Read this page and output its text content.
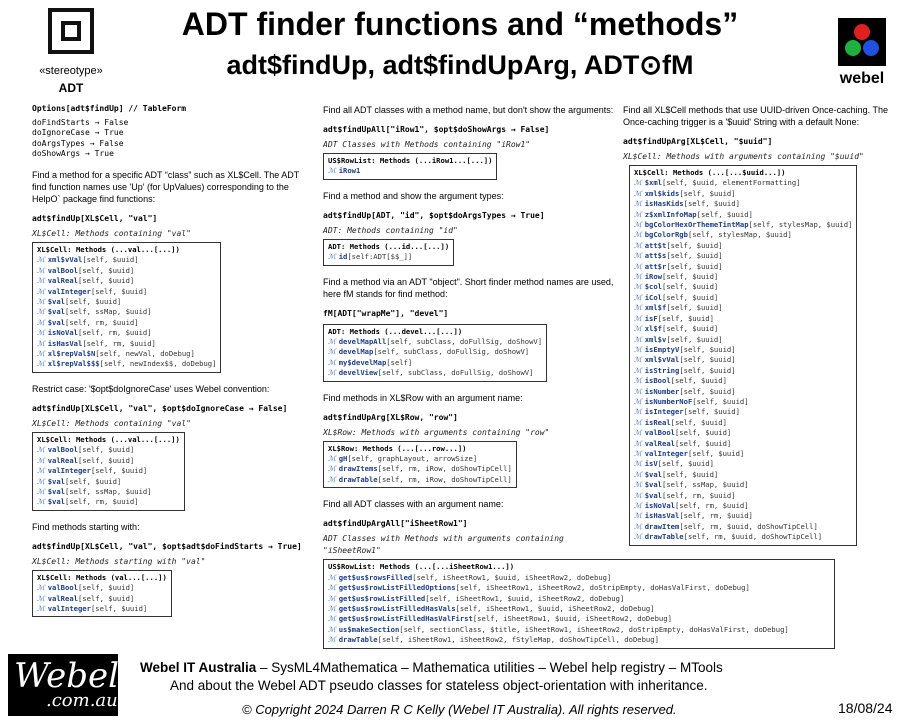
«stereotype»
ADT
ADT finder functions and “methods”
adt$findUp, adt$findUpArg, ADT⊙fM	webel
Options[adt$findUp] // TableForm
doFindStarts → False
doIgnoreCase → True
doArgsTypes → False
doShowArgs → True

Find a method for a specific ADT “class” such as XL$Cell. The ADT find function names use 'Up' (for UpValues) corresponding to the HelpO` package find functions:

adt$findUp[XL$Cell, "val"]
XL$Cell: Methods containing "val"
XL$Cell: Methods (...val...[...])
ℳ xml$vVal[self, $uuid]
ℳ valBool[self, $uuid]
ℳ valReal[self, $uuid]
ℳ valInteger[self, $uuid]
ℳ $val[self, $uuid]
ℳ $val[self, ssMap, $uuid]
ℳ $val[self, rm, $uuid]
ℳ isNoVal[self, rm, $uuid]
ℳ isHasVal[self, rm, $uuid]
ℳ xl$repVal$N[self, newVal, doDebug]
ℳ xl$repVal$$$[self, newIndex$$, doDebug]

Restrict case: '$opt$doIgnoreCase' uses Webel convention:

adt$findUp[XL$Cell, "val", $opt$doIgnoreCase → False]
XL$Cell: Methods containing "val"
XL$Cell: Methods (...val...[...])
ℳ valBool[self, $uuid]
ℳ valReal[self, $uuid]
ℳ valInteger[self, $uuid]
ℳ $val[self, $uuid]
ℳ $val[self, ssMap, $uuid]
ℳ $val[self, rm, $uuid]

Find methods starting with:

adt$findUp[XL$Cell, "val", $opt$adt$doFindStarts → True]
XL$Cell: Methods starting with "val"
XL$Cell: Methods (val...[...])
ℳ valBool[self, $uuid]
ℳ valReal[self, $uuid]
ℳ valInteger[self, $uuid]

Find all ADT classes with a method name, but don't show the arguments:

adt$findUpAll["iRow1", $opt$doShowArgs → False]
ADT Classes with Methods containing "iRow1"
US$RowList: Methods (...iRow1...[...])
ℳ iRow1

Find a method and show the argument types:

adt$findUp[ADT, "id", $opt$doArgsTypes → True]
ADT: Methods containing "id"
ADT: Methods (...id...[...])
ℳ id[self:ADT[$$_]]

Find a method via an ADT "object". Short finder method names are used, here fM stands for find method:

fM[ADT["wrapMe"], "devel"]
ADT: Methods (...devel...[...])
ℳ develMapAll[self, subClass, doFullSig, doShowV]
ℳ develMap[self, subClass, doFullSig, doShowV]
ℳ my$develMap[self]
ℳ develView[self, subClass, doFullSig, doShowV]

Find methods in XL$Row with an argument name:

adt$findUpArg[XL$Row, "row"]
XL$Row: Methods with arguments containing "row"
XL$Row: Methods (...[...row...])
ℳ gH[self, graphLayout, arrowSize]
ℳ drawItems[self, rm, iRow, doShowTipCell]
ℳ drawTable[self, rm, iRow, doShowTipCell]

Find all ADT classes with an argument name:

adt$findUpArgAll["iSheetRow1"]
ADT Classes with Methods with arguments containing "iSheetRow1"
US$RowList: Methods (...[...iSheetRow1...])
ℳ get$us$rowsFilled[self, iSheetRow1, $uuid, iSheetRow2, doDebug]
ℳ get$us$rowListFilledOptions[self, iSheetRow1, iSheetRow2, doStripEmpty, doHasValFirst, doDebug]
ℳ get$us$rowListFilled[self, iSheetRow1, $uuid, iSheetRow2, doDebug]
ℳ get$us$rowListFilledHasVals[self, iSheetRow1, $uuid, iSheetRow2, doDebug]
ℳ get$us$rowListFilledHasValFirst[self, iSheetRow1, $uuid, iSheetRow2, doDebug]
ℳ us$makeSection[self, sectionClass, $title, iSheetRow1, iSheetRow2, doStripEmpty, doHasValFirst, doDebug]
ℳ drawTable[self, iSheetRow1, iSheetRow2, fStyleMap, doShowTipCell, doDebug]

Find all XL$Cell methods that use UUID-driven Once-caching. The Once-caching trigger is a '$uuid' String with a default None:

adt$findUpArg[XL$Cell, "$uuid"]
XL$Cell: Methods with arguments containing "$uuid"
XL$Cell: Methods (...[...$uuid...])
ℳ $xml[self, $uuid, elementFormatting]
ℳ xml$kids[self, $uuid]
ℳ isHasKids[self, $uuid]
ℳ z$xmlInfoMap[self, $uuid]
ℳ bgColorHexOrThemeTintMap[self, stylesMap, $uuid]
ℳ bgColorRgb[self, stylesMap, $uuid]
ℳ att$t[self, $uuid]
ℳ att$s[self, $uuid]
ℳ att$r[self, $uuid]
ℳ iRow[self, $uuid]
ℳ $col[self, $uuid]
ℳ iCol[self, $uuid]
ℳ xml$f[self, $uuid]
ℳ isF[self, $uuid]
ℳ xl$f[self, $uuid]
ℳ xml$v[self, $uuid]
ℳ isEmptyV[self, $uuid]
ℳ xml$vVal[self, $uuid]
ℳ isString[self, $uuid]
ℳ isBool[self, $uuid]
ℳ isNumber[self, $uuid]
ℳ isNumberNoF[self, $uuid]
ℳ isInteger[self, $uuid]
ℳ isReal[self, $uuid]
ℳ valBool[self, $uuid]
ℳ valReal[self, $uuid]
ℳ valInteger[self, $uuid]
ℳ isV[self, $uuid]
ℳ $val[self, $uuid]
ℳ $val[self, ssMap, $uuid]
ℳ $val[self, rm, $uuid]
ℳ isNoVal[self, rm, $uuid]
ℳ isHasVal[self, rm, $uuid]
ℳ drawItem[self, rm, $uuid, doShowTipCell]
ℳ drawTable[self, rm, $uuid, doShowTipCell]
Webel
.com.au
Webel IT Australia – SysML4Mathematica – Mathematica utilities – Webel help registry – MTools
And about the Webel ADT pseudo classes for stateless object-orientation with inheritance.
© Copyright 2024 Darren R C Kelly (Webel IT Australia). All rights reserved.	18/08/24
